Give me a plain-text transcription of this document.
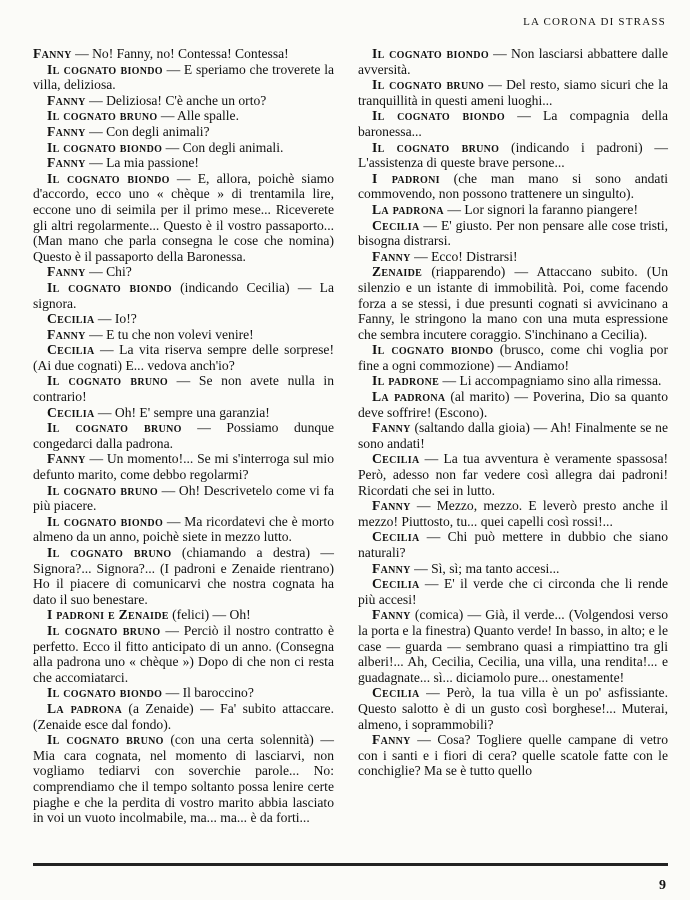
LA CORONA DI STRASS

Fanny — No! Fanny, no! Contessa! Contessa!

Il cognato biondo — E speriamo che troverete la villa, deliziosa.

Fanny — Deliziosa! C'è anche un orto?

Il cognato bruno — Alle spalle.

Fanny — Con degli animali?

Il cognato biondo — Con degli animali.

Fanny — La mia passione!

Il cognato biondo — E, allora, poichè siamo d'accordo, ecco uno « chèque » di trentamila lire, eccone uno di seimila per il primo mese... Riceverete gli altri regolarmente... Questo è il vostro passaporto... (Man mano che parla consegna le cose che nomina) Questo è il passaporto della Baronessa.

Fanny — Chi?

Il cognato biondo (indicando Cecilia) — La signora.

Cecilia — Io!?

Fanny — E tu che non volevi venire!

Cecilia — La vita riserva sempre delle sorprese! (Ai due cognati) E... vedova anch'io?

Il cognato bruno — Se non avete nulla in contrario!

Cecilia — Oh! E' sempre una garanzia!

Il cognato bruno — Possiamo dunque congedarci dalla padrona.

Fanny — Un momento!... Se mi s'interroga sul mio defunto marito, come debbo regolarmi?

Il cognato bruno — Oh! Descrivetelo come vi fa più piacere.

Il cognato biondo — Ma ricordatevi che è morto almeno da un anno, poichè siete in mezzo lutto.

Il cognato bruno (chiamando a destra) — Signora?... Signora?... (I padroni e Zenaide rientrano) Ho il piacere di comunicarvi che nostra cognata ha dato il suo benestare.

I padroni e Zenaide (felici) — Oh!

Il cognato bruno — Perciò il nostro contratto è perfetto. Ecco il fitto anticipato di un anno. (Consegna alla padrona uno « chèque ») Dopo di che non ci resta che accomiatarci.

Il cognato biondo — Il baroccino?

La padrona (a Zenaide) — Fa' subito attaccare. (Zenaide esce dal fondo).

Il cognato bruno (con una certa solennità) — Mia cara cognata, nel momento di lasciarvi, non vogliamo tediarvi con soverchie parole... No: comprendiamo che il tempo soltanto possa lenire certe piaghe e che la perdita di vostro marito abbia lasciato in voi un vuoto incolmabile, ma... ma... è da forti...

Il cognato biondo — Non lasciarsi abbattere dalle avversità.

Il cognato bruno — Del resto, siamo sicuri che la tranquillità in questi ameni luoghi...

Il cognato biondo — La compagnia della baronessa...

Il cognato bruno (indicando i padroni) — L'assistenza di queste brave persone...

I padroni (che man mano si sono andati commovendo, non possono trattenere un singulto).

La padrona — Lor signori la faranno piangere!

Cecilia — E' giusto. Per non pensare alle cose tristi, bisogna distrarsi.

Fanny — Ecco! Distrarsi!

Zenaide (riapparendo) — Attaccano subito. (Un silenzio e un istante di immobilità. Poi, come facendo forza a se stessi, i due presunti cognati si avvicinano a Fanny, le stringono la mano con una muta espressione che sembra incutere coraggio. S'inchinano a Cecilia).

Il cognato biondo (brusco, come chi voglia por fine a ogni commozione) — Andiamo!

Il padrone — Li accompagniamo sino alla rimessa.

La padrona (al marito) — Poverina, Dio sa quanto deve soffrire! (Escono).

Fanny (saltando dalla gioia) — Ah! Finalmente se ne sono andati!

Cecilia — La tua avventura è veramente spassosa! Però, adesso non far vedere così allegra dai padroni! Ricordati che sei in lutto.

Fanny — Mezzo, mezzo. E leverò presto anche il mezzo! Piuttosto, tu... quei capelli così rossi!...

Cecilia — Chi può mettere in dubbio che siano naturali?

Fanny — Sì, sì; ma tanto accesi...

Cecilia — E' il verde che ci circonda che li rende più accesi!

Fanny (comica) — Già, il verde... (Volgendosi verso la porta e la finestra) Quanto verde! In basso, in alto; e le case — guarda — sembrano quasi a rimpiattino tra gli alberi!... Ah, Cecilia, Cecilia, una villa, una rendita!... e guadagnate... sì... diciamolo pure... onestamente!

Cecilia — Però, la tua villa è un po' asfissiante. Questo salotto è di un gusto così borghese!... Muterai, almeno, i soprammobili?

Fanny — Cosa? Togliere quelle campane di vetro con i santi e i fiori di cera? quelle scatole fatte con le conchiglie? Ma se è tutto quello

9
